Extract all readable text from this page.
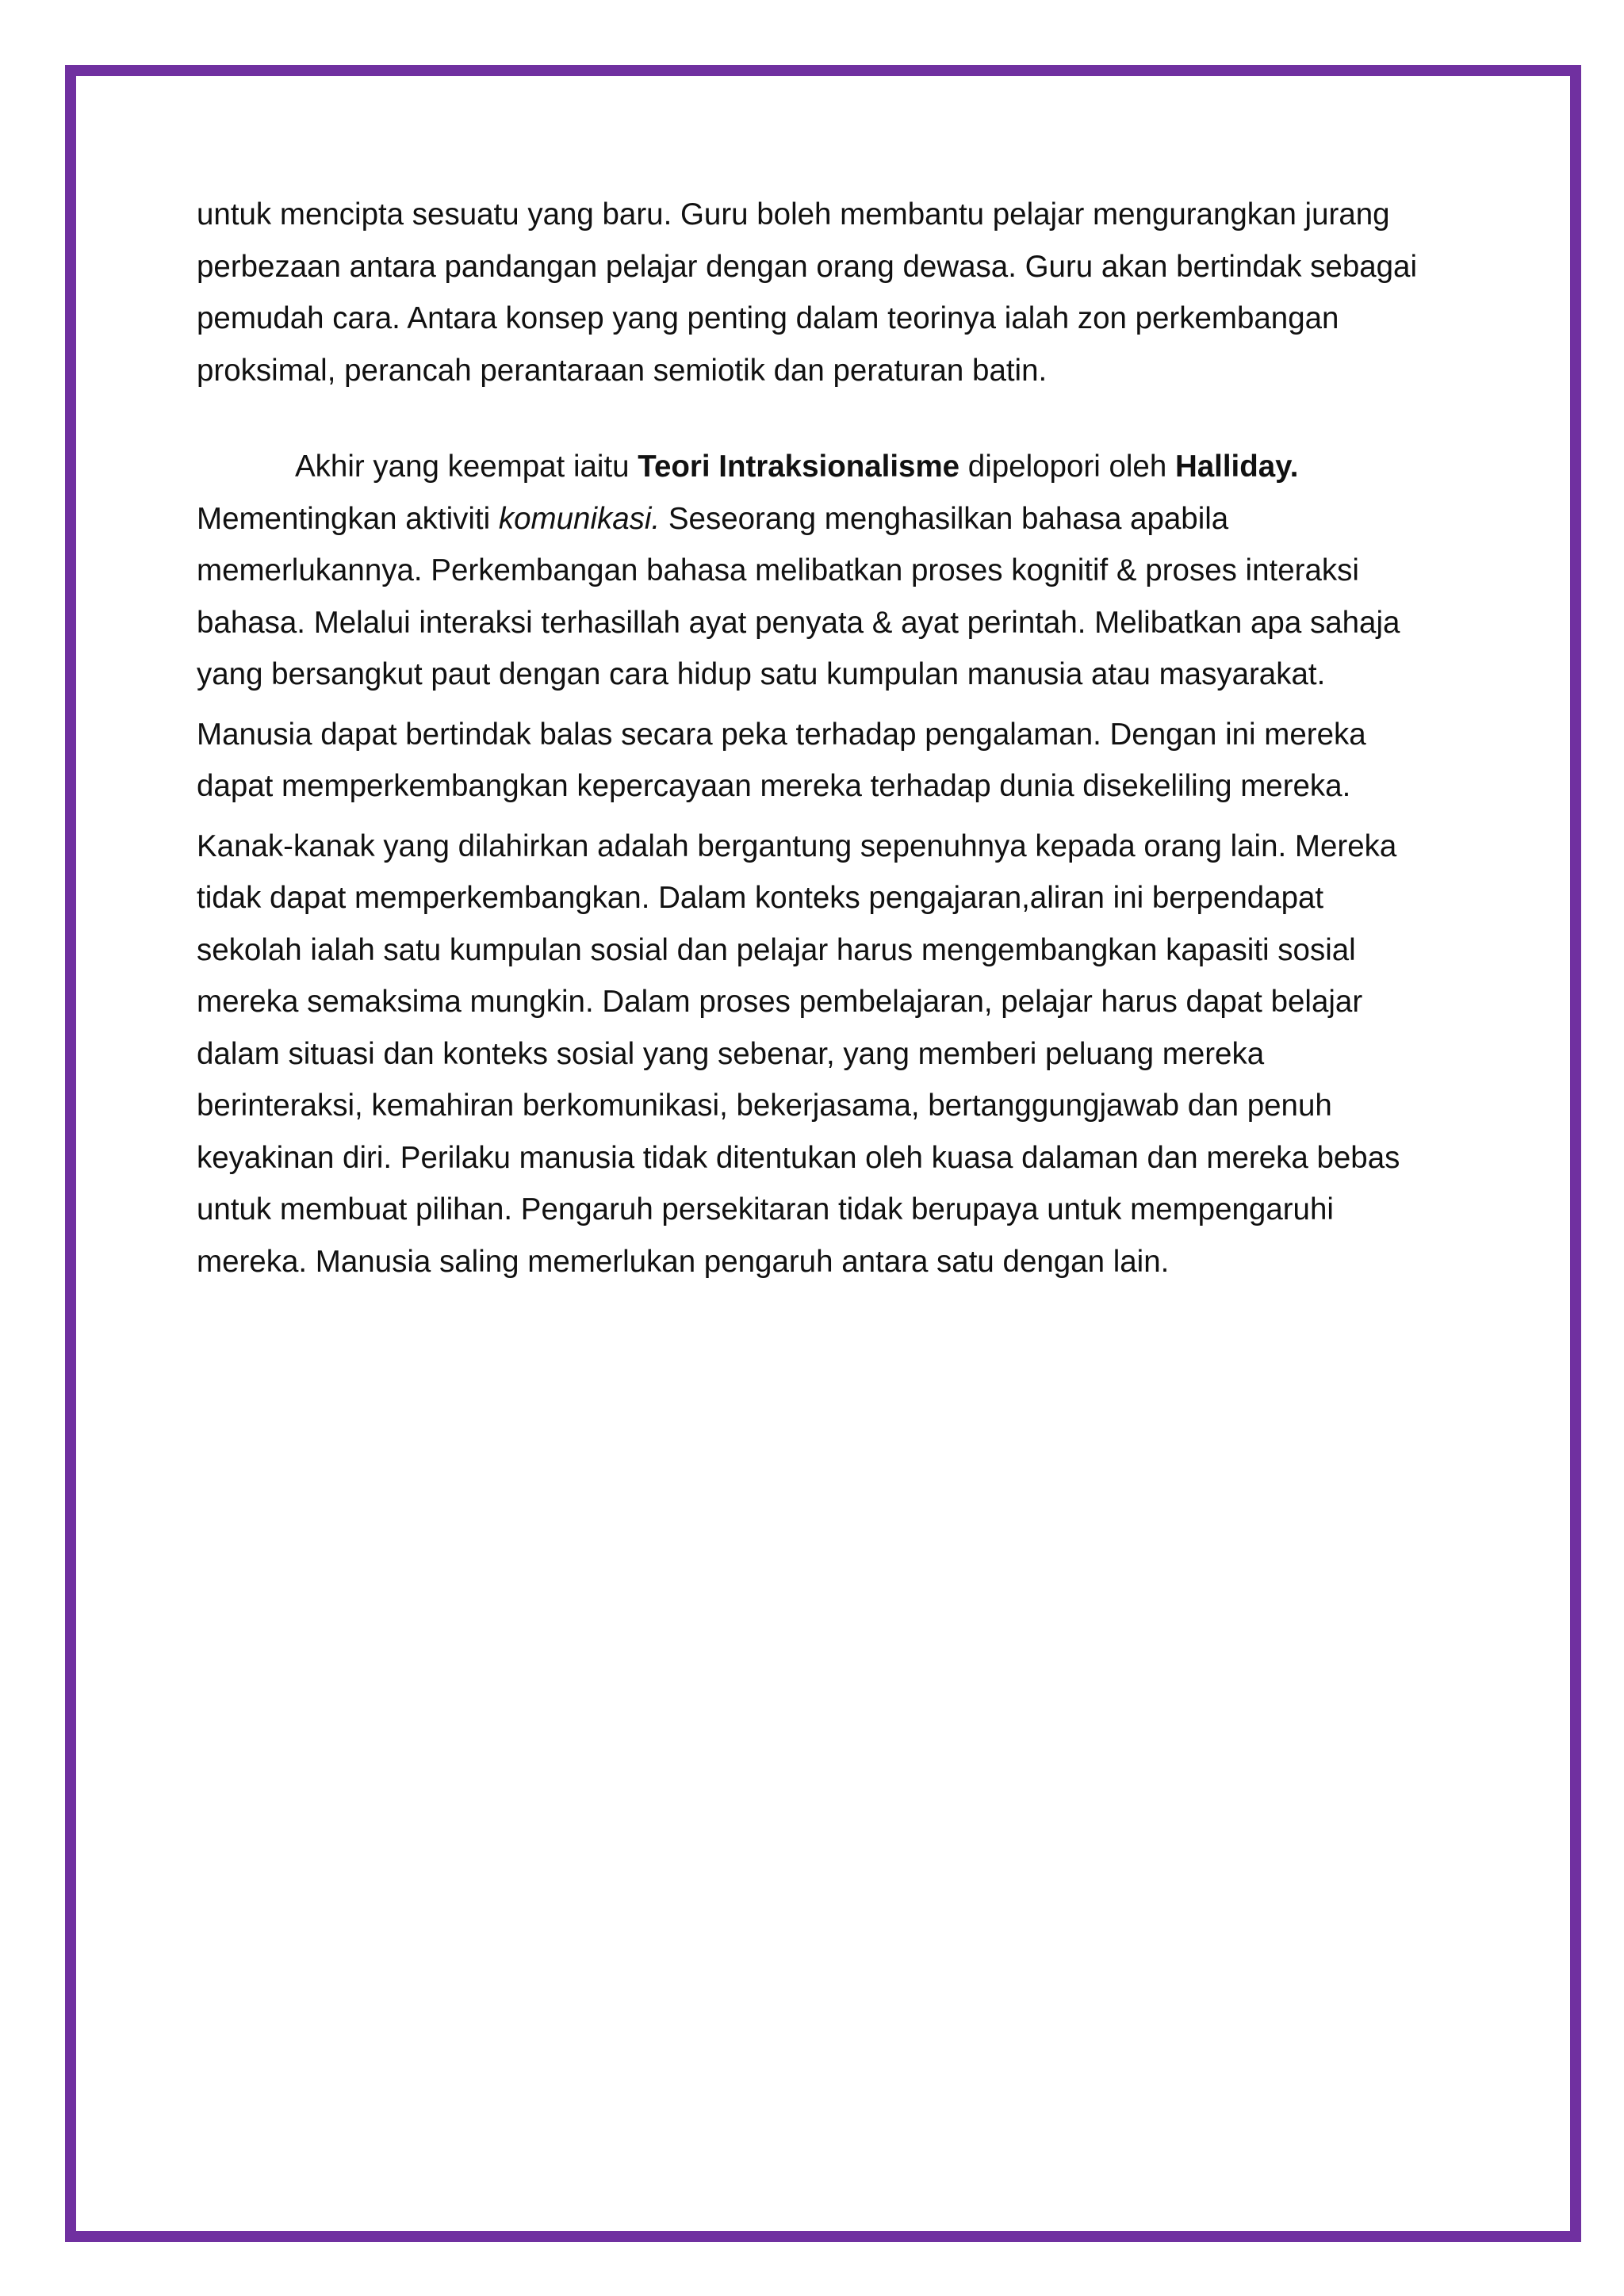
untuk mencipta sesuatu yang baru. Guru boleh membantu pelajar mengurangkan jurang perbezaan antara pandangan pelajar dengan orang dewasa. Guru akan bertindak sebagai pemudah cara. Antara konsep yang penting dalam teorinya ialah zon perkembangan proksimal, perancah perantaraan semiotik dan peraturan batin.

Akhir yang keempat iaitu Teori Intraksionalisme dipelopori oleh Halliday. Mementingkan aktiviti komunikasi. Seseorang menghasilkan bahasa apabila memerlukannya. Perkembangan bahasa melibatkan proses kognitif & proses interaksi bahasa. Melalui interaksi terhasillah ayat penyata & ayat perintah. Melibatkan apa sahaja yang bersangkut paut dengan cara hidup satu kumpulan manusia atau masyarakat.

Manusia dapat bertindak balas secara peka terhadap pengalaman. Dengan ini mereka dapat memperkembangkan kepercayaan mereka terhadap dunia disekeliling mereka.

Kanak-kanak yang dilahirkan adalah bergantung sepenuhnya kepada orang lain. Mereka tidak dapat memperkembangkan. Dalam konteks pengajaran,aliran ini berpendapat sekolah ialah satu kumpulan sosial dan pelajar harus mengembangkan kapasiti sosial mereka semaksima mungkin. Dalam proses pembelajaran, pelajar harus dapat belajar dalam situasi dan konteks sosial yang sebenar, yang memberi peluang mereka berinteraksi, kemahiran berkomunikasi, bekerjasama, bertanggungjawab dan penuh keyakinan diri. Perilaku manusia tidak ditentukan oleh kuasa dalaman dan mereka bebas untuk membuat pilihan. Pengaruh persekitaran tidak berupaya untuk mempengaruhi mereka. Manusia saling memerlukan pengaruh antara satu dengan lain.
